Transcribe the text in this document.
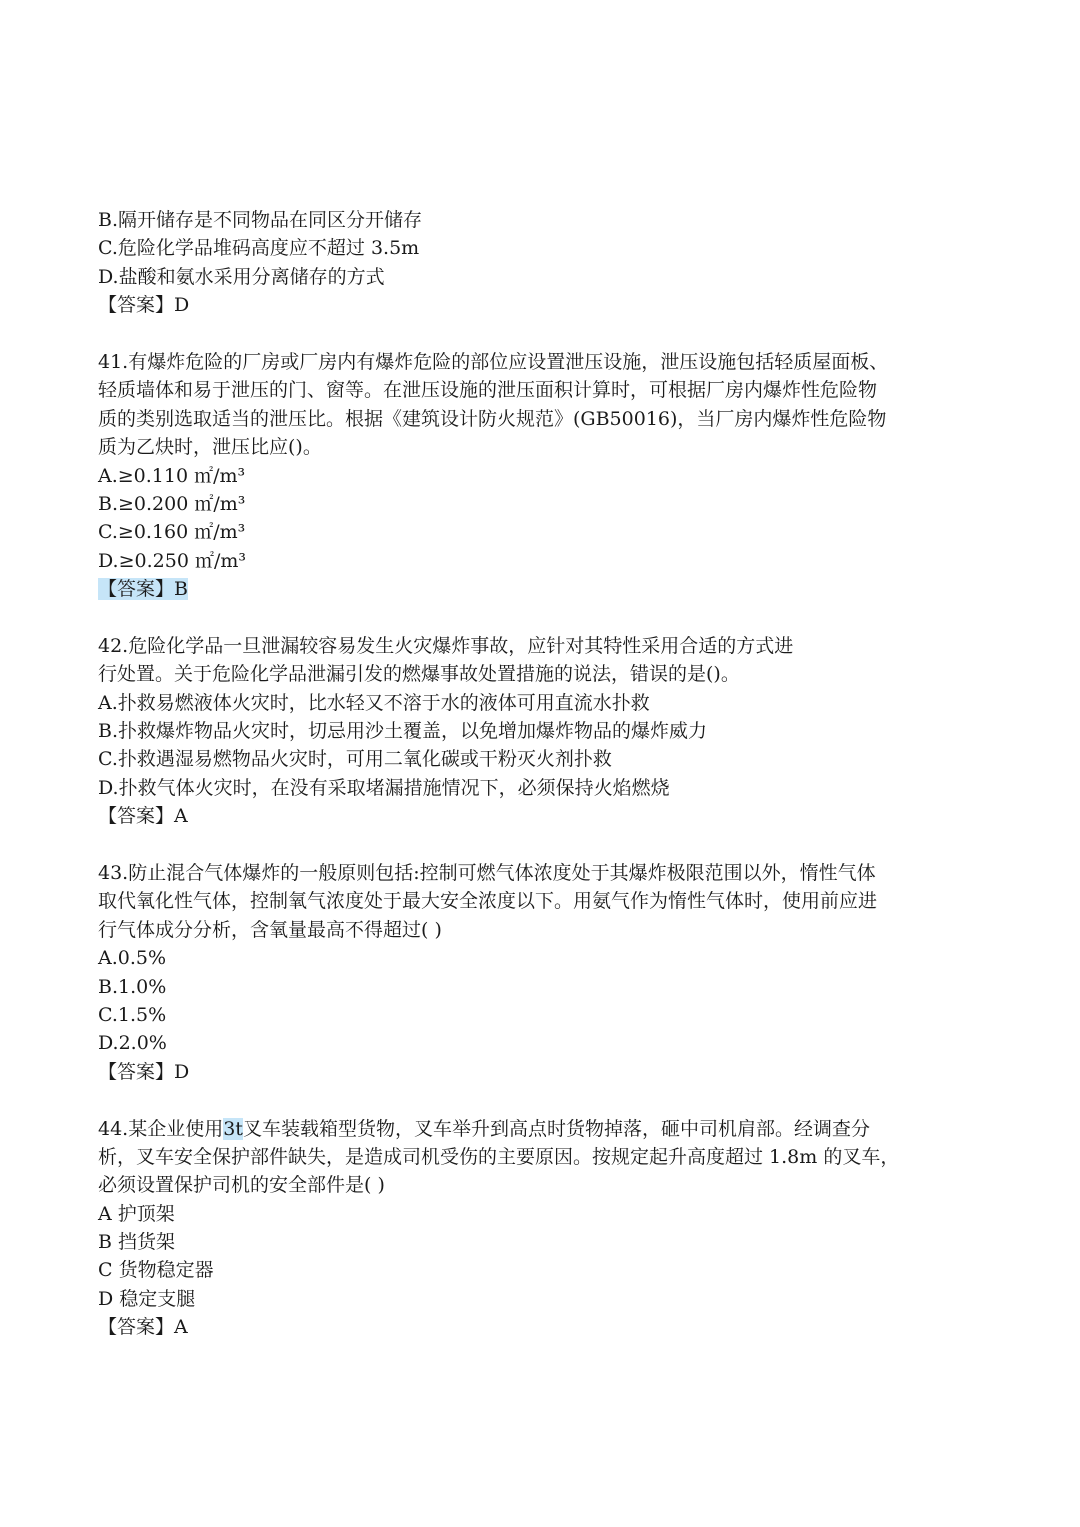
B.隔开储存是不同物品在同区分开储存
C.危险化学品堆码高度应不超过 3.5m
D.盐酸和氨水采用分离储存的方式
【答案】D
41.有爆炸危险的厂房或厂房内有爆炸危险的部位应设置泄压设施，泄压设施包括轻质屋面板、
轻质墙体和易于泄压的门、窗等。在泄压设施的泄压面积计算时，可根据厂房内爆炸性危险物
质的类别选取适当的泄压比。根据《建筑设计防火规范》(GB50016)，当厂房内爆炸性危险物
质为乙炔时，泄压比应()。
A.≥0.110 ㎡/m³
B.≥0.200 ㎡/m³
C.≥0.160 ㎡/m³
D.≥0.250 ㎡/m³
【答案】B
42.危险化学品一旦泄漏较容易发生火灾爆炸事故，应针对其特性采用合适的方式进
行处置。关于危险化学品泄漏引发的燃爆事故处置措施的说法，错误的是()。
A.扑救易燃液体火灾时，比水轻又不溶于水的液体可用直流水扑救
B.扑救爆炸物品火灾时，切忌用沙土覆盖，以免增加爆炸物品的爆炸威力
C.扑救遇湿易燃物品火灾时，可用二氧化碳或干粉灭火剂扑救
D.扑救气体火灾时，在没有采取堵漏措施情况下，必须保持火焰燃烧
【答案】A
43.防止混合气体爆炸的一般原则包括:控制可燃气体浓度处于其爆炸极限范围以外，惰性气体
取代氧化性气体，控制氧气浓度处于最大安全浓度以下。用氨气作为惰性气体时，使用前应进
行气体成分分析，含氧量最高不得超过( )
A.0.5%
B.1.0%
C.1.5%
D.2.0%
【答案】D
44.某企业使用3t叉车装载箱型货物，叉车举升到高点时货物掉落，砸中司机肩部。经调查分
析，叉车安全保护部件缺失，是造成司机受伤的主要原因。按规定起升高度超过 1.8m 的叉车，
必须设置保护司机的安全部件是( )
A 护顶架
B 挡货架
C 货物稳定器
D 稳定支腿
【答案】A
